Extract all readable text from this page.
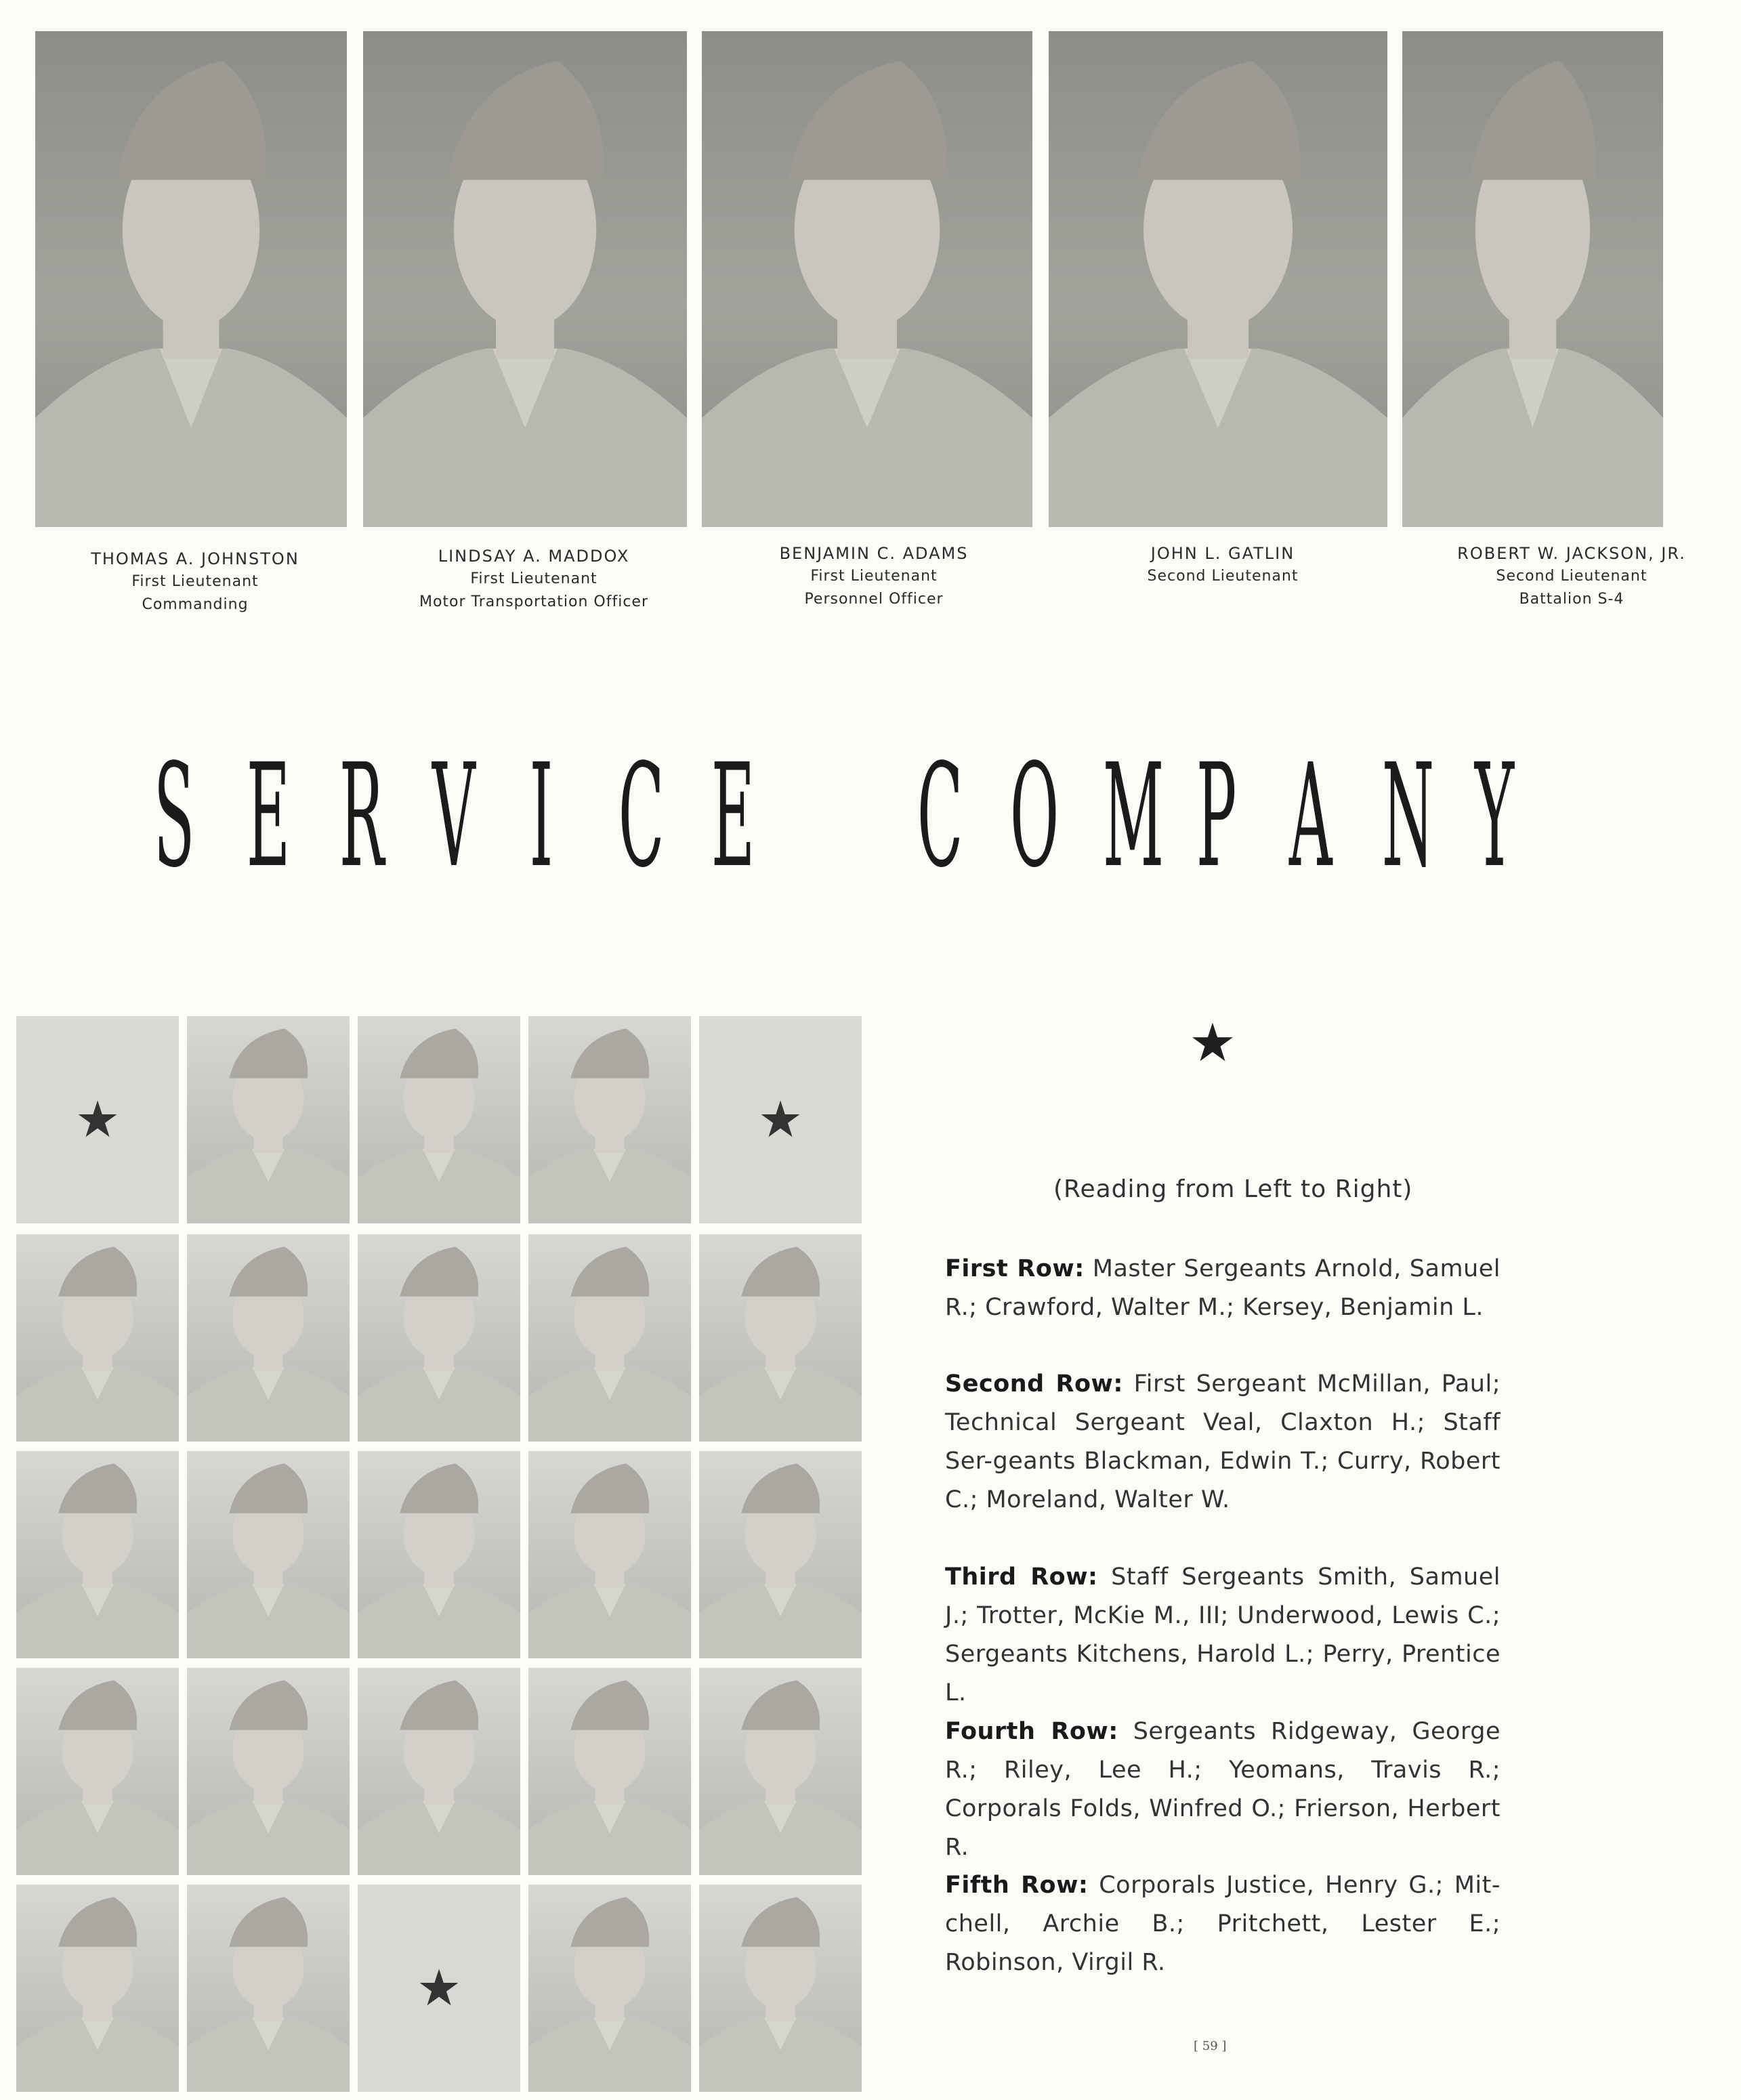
THOMAS A. JOHNSTON
First Lieutenant
Commanding
LINDSAY A. MADDOX
First Lieutenant
Motor Transportation Officer
BENJAMIN C. ADAMS
First Lieutenant
Personnel Officer
JOHN L. GATLIN
Second Lieutenant
ROBERT W. JACKSON, JR.
Second Lieutenant
Battalion S-4
S E R V I C E C O M P A N Y
★	★
★
★
(Reading from Left to Right)
First Row: Master Sergeants Arnold, Samuel R.; Crawford, Walter M.; Kersey, Benjamin L.
Second Row: First Sergeant McMillan, Paul; Technical Sergeant Veal, Claxton H.; Staff Ser-geants Blackman, Edwin T.; Curry, Robert C.; Moreland, Walter W.
Third Row: Staff Sergeants Smith, Samuel J.; Trotter, McKie M., III; Underwood, Lewis C.; Sergeants Kitchens, Harold L.; Perry, Prentice L.
Fourth Row: Sergeants Ridgeway, George R.; Riley, Lee H.; Yeomans, Travis R.; Corporals Folds, Winfred O.; Frierson, Herbert R.
Fifth Row: Corporals Justice, Henry G.; Mit-chell, Archie B.; Pritchett, Lester E.; Robinson, Virgil R.
[ 59 ]
